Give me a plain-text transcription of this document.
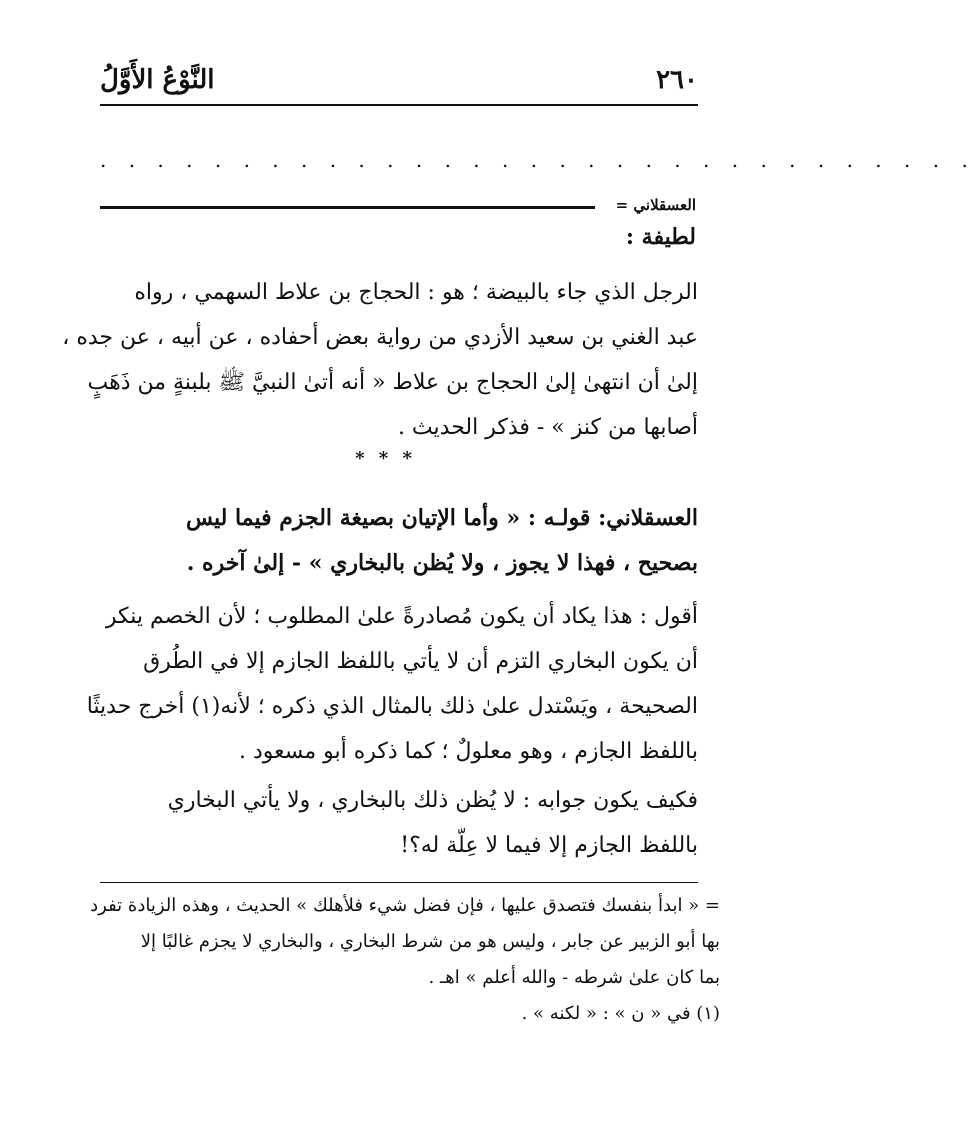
٢٦٠
النَّوْعُ الأَوَّلُ
. . . . . . . . . . . . . . . . . . . . . . . . . . . . . . .
العسقلاني =
لطيفة :
الرجل الذي جاء بالبيضة ؛ هو : الحجاج بن علاط السهمي ، رواه
عبد الغني بن سعيد الأزدي من رواية بعض أحفاده ، عن أبيه ، عن جده ،
إلىٰ أن انتهىٰ إلىٰ الحجاج بن علاط « أنه أتىٰ النبيَّ ﷺ بلبنةٍ من ذَهَبٍ
أصابها من كنز » - فذكر الحديث .
* * *
العسقلاني: قولـه : « وأما الإتيان بصيغة الجزم فيما ليس
بصحيح ، فهذا لا يجوز ، ولا يُظن بالبخاري » - إلىٰ آخره .
أقول : هذا يكاد أن يكون مُصادرةً علىٰ المطلوب ؛ لأن الخصم ينكر
أن يكون البخاري التزم أن لا يأتي باللفظ الجازم إلا في الطُرق
الصحيحة ، ويَسْتدل علىٰ ذلك بالمثال الذي ذكره ؛ لأنه(١) أخرج حديثًا
باللفظ الجازم ، وهو معلولٌ ؛ كما ذكره أبو مسعود .
فكيف يكون جوابه : لا يُظن ذلك بالبخاري ، ولا يأتي البخاري
باللفظ الجازم إلا فيما لا عِلّة له؟!
= « ابدأ بنفسك فتصدق عليها ، فإن فضل شيء فلأهلك » الحديث ، وهذه الزيادة تفرد
بها أبو الزبير عن جابر ، وليس هو من شرط البخاري ، والبخاري لا يجزم غالبًا إلا
بما كان علىٰ شرطه - والله أعلم » اهـ .
(١) في « ن » : « لكنه » .
